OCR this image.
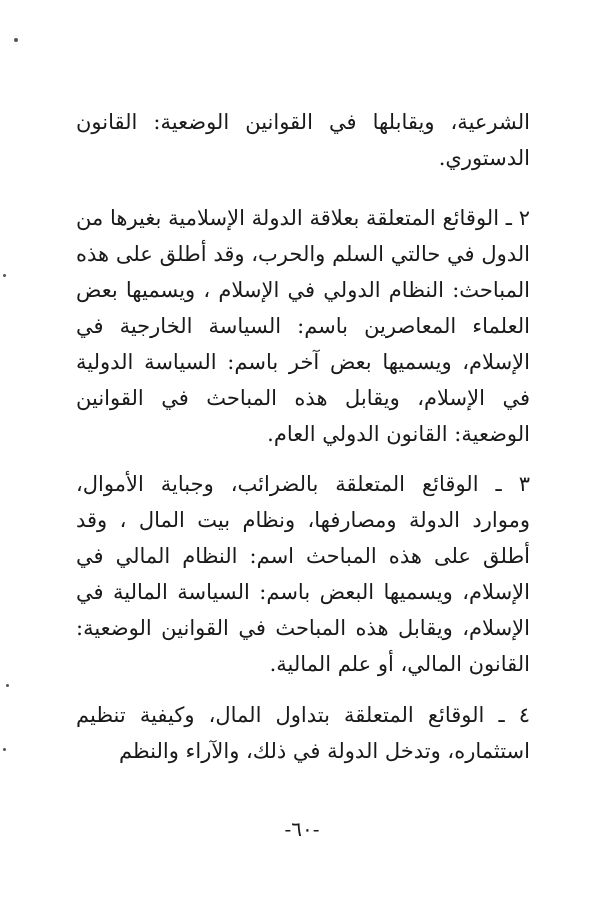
الشرعية، ويقابلها في القوانين الوضعية: القانون الدستوري.

٢ ـ الوقائع المتعلقة بعلاقة الدولة الإسلامية بغيرها من الدول في حالتي السلم والحرب، وقد أطلق على هذه المباحث: النظام الدولي في الإسلام ، ويسميها بعض العلماء المعاصرين باسم: السياسة الخارجية في الإسلام، ويسميها بعض آخر باسم: السياسة الدولية في الإسلام، ويقابل هذه المباحث في القوانين الوضعية: القانون الدولي العام.

٣ ـ الوقائع المتعلقة بالضرائب، وجباية الأموال، وموارد الدولة ومصارفها، ونظام بيت المال ، وقد أطلق على هذه المباحث اسم: النظام المالي في الإسلام، ويسميها البعض باسم: السياسة المالية في الإسلام، ويقابل هذه المباحث في القوانين الوضعية: القانون المالي، أو علم المالية.

٤ ـ الوقائع المتعلقة بتداول المال، وكيفية تنظيم استثماره، وتدخل الدولة في ذلك، والآراء والنظم

-٦٠-
